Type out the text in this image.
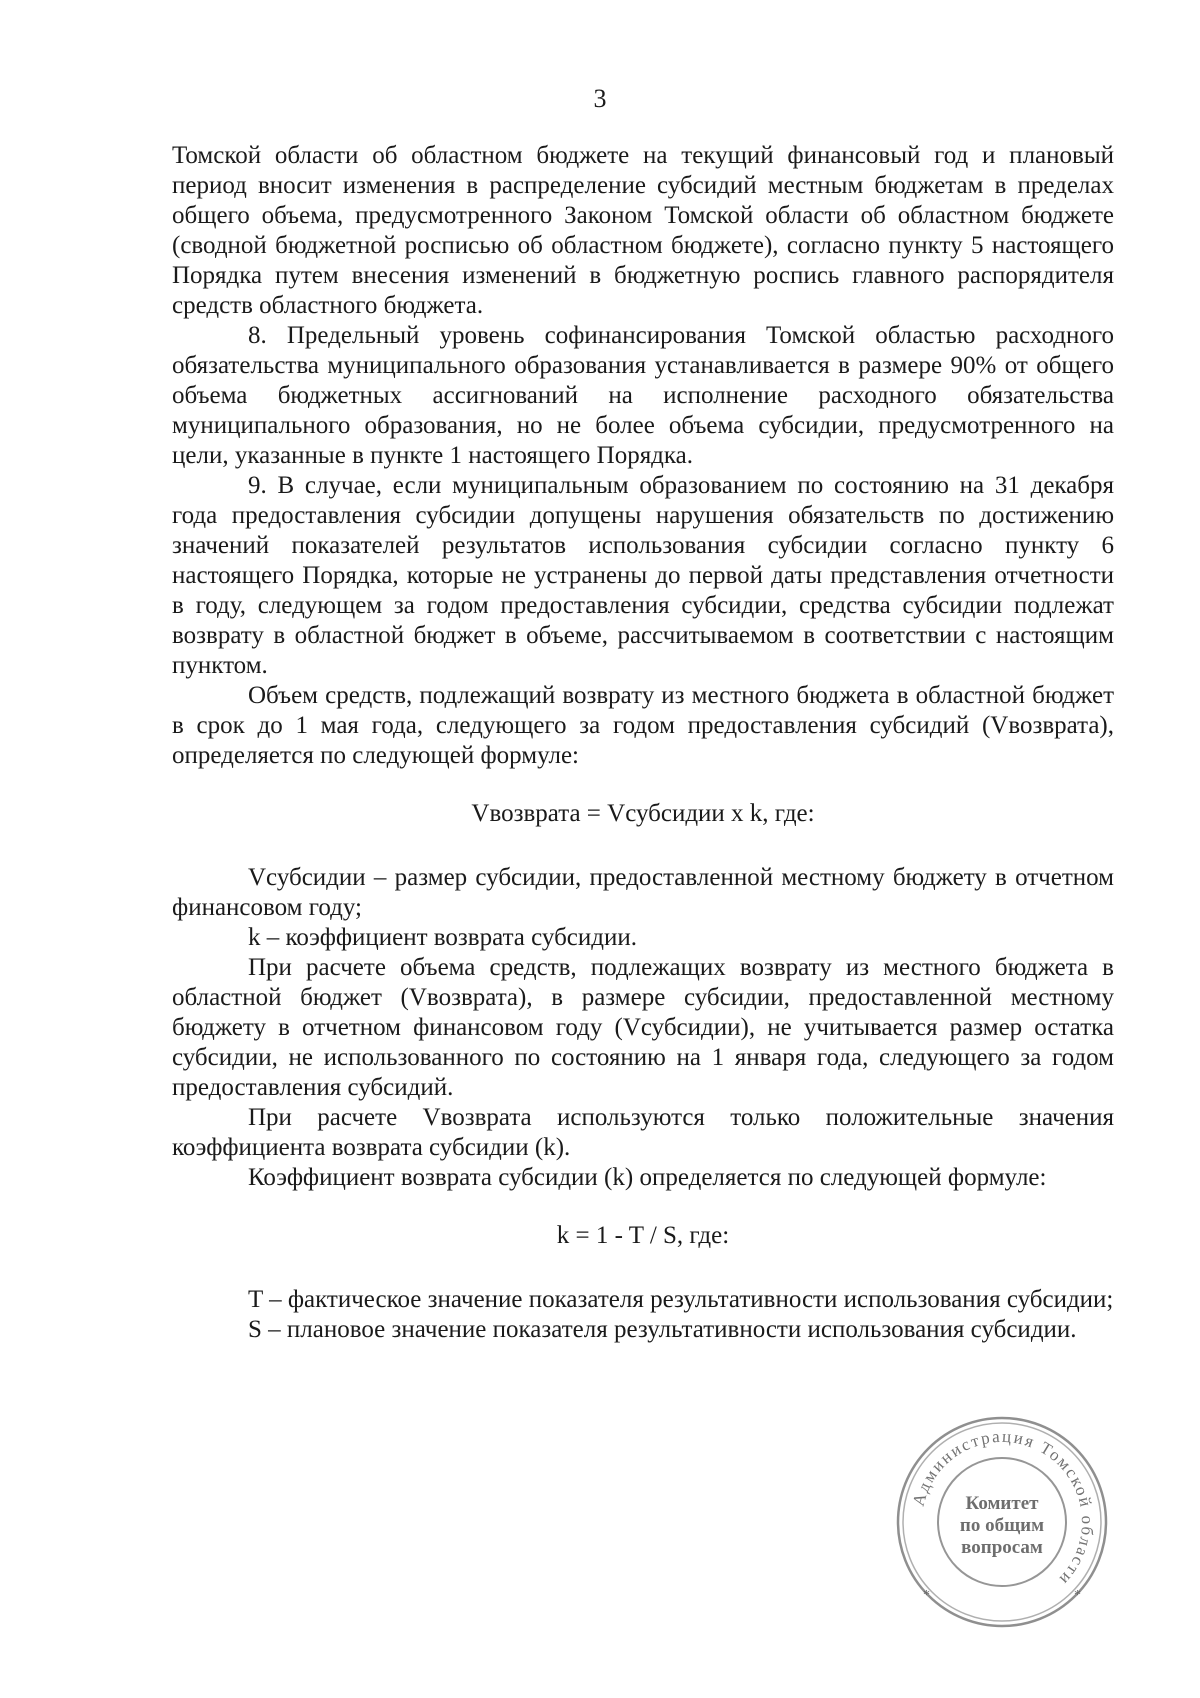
3

Томской области об областном бюджете на текущий финансовый год и плановый период вносит изменения в распределение субсидий местным бюджетам в пределах общего объема, предусмотренного Законом Томской области об областном бюджете (сводной бюджетной росписью об областном бюджете), согласно пункту 5 настоящего Порядка путем внесения изменений в бюджетную роспись главного распорядителя средств областного бюджета.

8. Предельный уровень софинансирования Томской областью расходного обязательства муниципального образования устанавливается в размере 90% от общего объема бюджетных ассигнований на исполнение расходного обязательства муниципального образования, но не более объема субсидии, предусмотренного на цели, указанные в пункте 1 настоящего Порядка.

9. В случае, если муниципальным образованием по состоянию на 31 декабря года предоставления субсидии допущены нарушения обязательств по достижению значений показателей результатов использования субсидии согласно пункту 6 настоящего Порядка, которые не устранены до первой даты представления отчетности в году, следующем за годом предоставления субсидии, средства субсидии подлежат возврату в областной бюджет в объеме, рассчитываемом в соответствии с настоящим пунктом.

Объем средств, подлежащий возврату из местного бюджета в областной бюджет в срок до 1 мая года, следующего за годом предоставления субсидий (Vвозврата), определяется по следующей формуле:

Vвозврата = Vсубсидии x k, где:

Vсубсидии – размер субсидии, предоставленной местному бюджету в отчетном финансовом году;

k – коэффициент возврата субсидии.

При расчете объема средств, подлежащих возврату из местного бюджета в областной бюджет (Vвозврата), в размере субсидии, предоставленной местному бюджету в отчетном финансовом году (Vсубсидии), не учитывается размер остатка субсидии, не использованного по состоянию на 1 января года, следующего за годом предоставления субсидий.

При расчете Vвозврата используются только положительные значения коэффициента возврата субсидии (k).

Коэффициент возврата субсидии (k) определяется по следующей формуле:

k = 1 - T / S, где:

T – фактическое значение показателя результативности использования субсидии;

S – плановое значение показателя результативности использования субсидии.

Администрация Томской области
*	*
Комитет
по общим
вопросам
